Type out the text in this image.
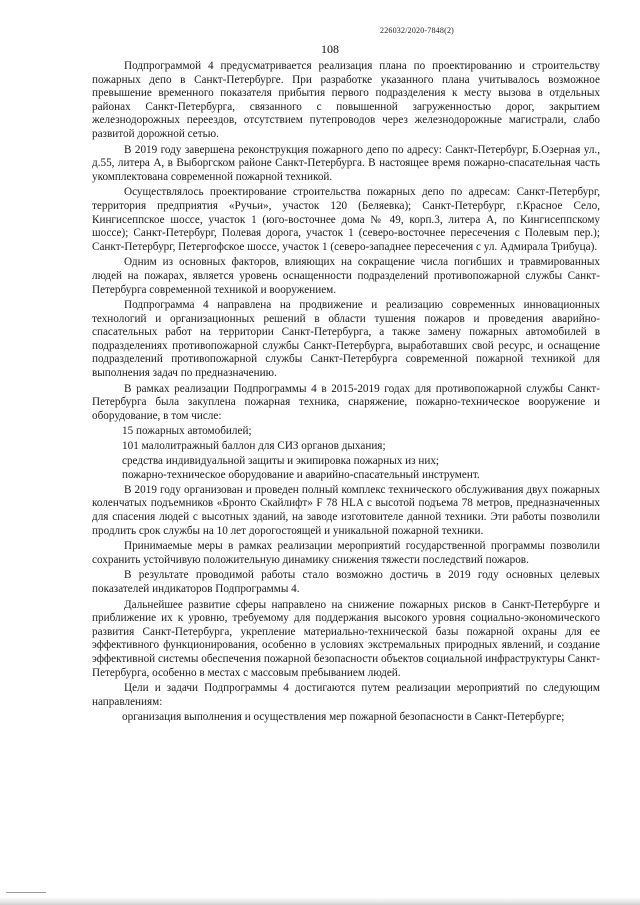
226032/2020-7848(2)
108

Подпрограммой 4 предусматривается реализация плана по проектированию и строительству пожарных депо в Санкт-Петербурге. При разработке указанного плана учитывалось возможное превышение временного показателя прибытия первого подразделения к месту вызова в отдельных районах Санкт-Петербурга, связанного с повышенной загруженностью дорог, закрытием железнодорожных переездов, отсутствием путепроводов через железнодорожные магистрали, слабо развитой дорожной сетью.

В 2019 году завершена реконструкция пожарного депо по адресу: Санкт-Петербург, Б.Озерная ул., д.55, литера А, в Выборгском районе Санкт-Петербурга. В настоящее время пожарно-спасательная часть укомплектована современной пожарной техникой.

Осуществлялось проектирование строительства пожарных депо по адресам: Санкт-Петербург, территория предприятия «Ручьи», участок 120 (Беляевка); Санкт-Петербург, г.Красное Село, Кингисеппское шоссе, участок 1 (юго-восточнее дома № 49, корп.3, литера А, по Кингисеппскому шоссе); Санкт-Петербург, Полевая дорога, участок 1 (северо-восточнее пересечения с Полевым пер.); Санкт-Петербург, Петергофское шоссе, участок 1 (северо-западнее пересечения с ул. Адмирала Трибуца).

Одним из основных факторов, влияющих на сокращение числа погибших и травмированных людей на пожарах, является уровень оснащенности подразделений противопожарной службы Санкт-Петербурга современной техникой и вооружением.

Подпрограмма 4 направлена на продвижение и реализацию современных инновационных технологий и организационных решений в области тушения пожаров и проведения аварийно-спасательных работ на территории Санкт-Петербурга, а также замену пожарных автомобилей в подразделениях противопожарной службы Санкт-Петербурга, выработавших свой ресурс, и оснащение подразделений противопожарной службы Санкт-Петербурга современной пожарной техникой для выполнения задач по предназначению.

В рамках реализации Подпрограммы 4 в 2015-2019 годах для противопожарной службы Санкт-Петербурга была закуплена пожарная техника, снаряжение, пожарно-техническое вооружение и оборудование, в том числе:

15 пожарных автомобилей;

101 малолитражный баллон для СИЗ органов дыхания;

средства индивидуальной защиты и экипировка пожарных из них;

пожарно-техническое оборудование и аварийно-спасательный инструмент.

В 2019 году организован и проведен полный комплекс технического обслуживания двух пожарных коленчатых подъемников «Бронто Скайлифт» F 78 HLA с высотой подъема 78 метров, предназначенных для спасения людей с высотных зданий, на заводе изготовителе данной техники. Эти работы позволили продлить срок службы на 10 лет дорогостоящей и уникальной пожарной техники.

Принимаемые меры в рамках реализации мероприятий государственной программы позволили сохранить устойчивую положительную динамику снижения тяжести последствий пожаров.

В результате проводимой работы стало возможно достичь в 2019 году основных целевых показателей индикаторов Подпрограммы 4.

Дальнейшее развитие сферы направлено на снижение пожарных рисков в Санкт-Петербурге и приближение их к уровню, требуемому для поддержания высокого уровня социально-экономического развития Санкт-Петербурга, укрепление материально-технической базы пожарной охраны для ее эффективного функционирования, особенно в условиях экстремальных природных явлений, и создание эффективной системы обеспечения пожарной безопасности объектов социальной инфраструктуры Санкт-Петербурга, особенно в местах с массовым пребыванием людей.

Цели и задачи Подпрограммы 4 достигаются путем реализации мероприятий по следующим направлениям:

организация выполнения и осуществления мер пожарной безопасности в Санкт-Петербурге;
